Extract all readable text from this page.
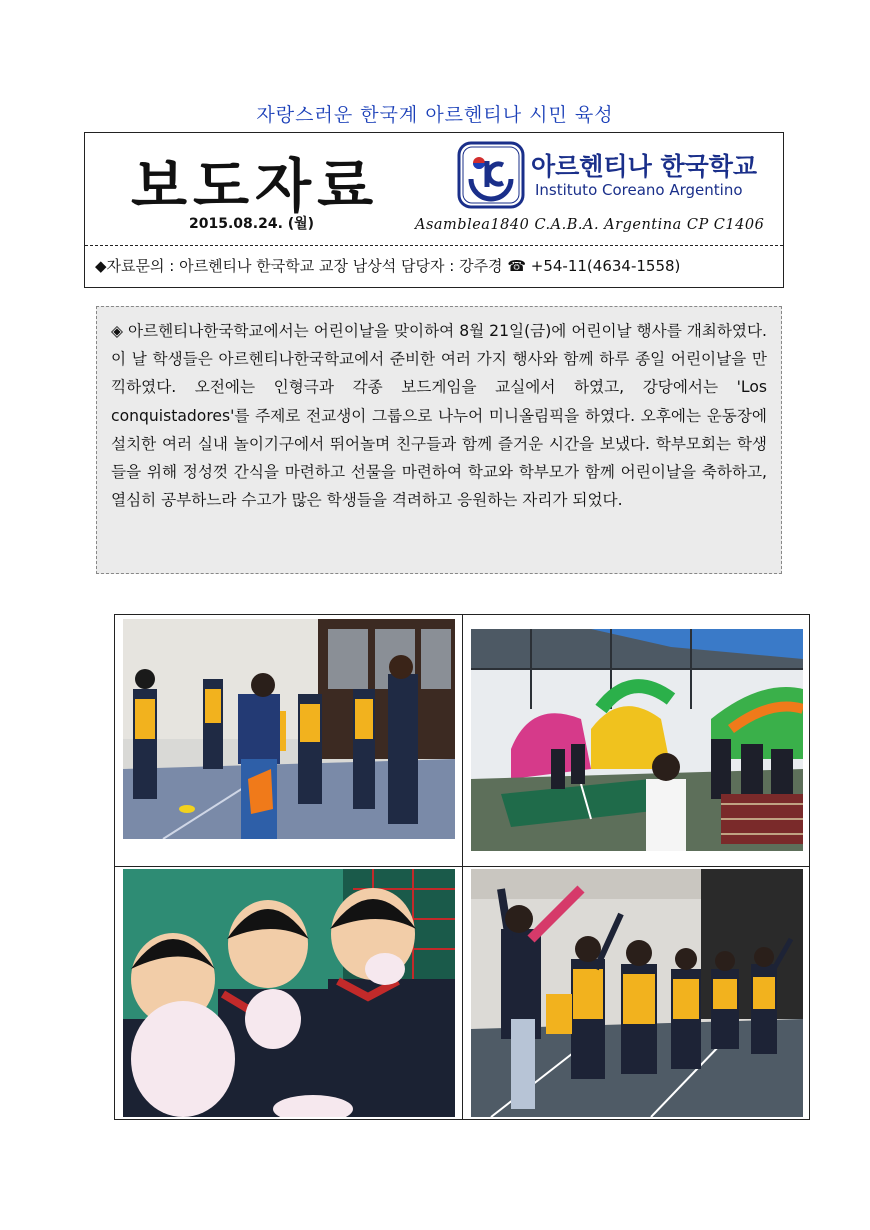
자랑스러운 한국계 아르헨티나 시민 육성
보도자료
2015.08.24. (월)
아르헨티나 한국학교
Instituto Coreano Argentino
Asamblea1840 C.A.B.A. Argentina CP C1406
◆자료문의 : 아르헨티나 한국학교 교장 남상석 담당자 : 강주경 ☎ +54-11(4634-1558)
◈ 아르헨티나한국학교에서는 어린이날을 맞이하여 8월 21일(금)에 어린이날 행사를 개최하였다. 이 날 학생들은 아르헨티나한국학교에서 준비한 여러 가지 행사와 함께 하루 종일 어린이날을 만끽하였다. 오전에는 인형극과 각종 보드게임을 교실에서 하였고, 강당에서는 'Los conquistadores'를 주제로 전교생이 그룹으로 나누어 미니올림픽을 하였다. 오후에는 운동장에 설치한 여러 실내 놀이기구에서 뛰어놀며 친구들과 함께 즐거운 시간을 보냈다. 학부모회는 학생들을 위해 정성껏 간식을 마련하고 선물을 마련하여 학교와 학부모가 함께 어린이날을 축하하고, 열심히 공부하느라 수고가 많은 학생들을 격려하고 응원하는 자리가 되었다.
